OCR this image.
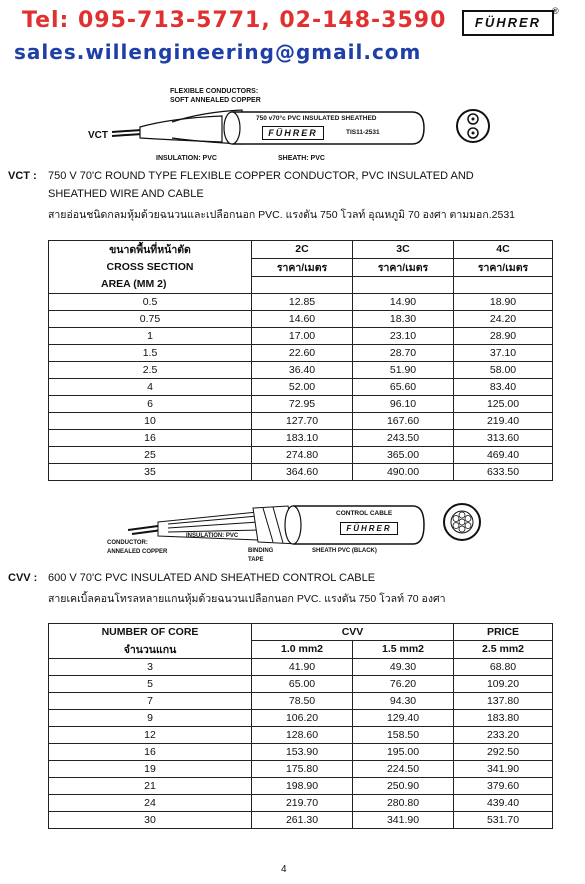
Tel: 095-713-5771, 02-148-3590
sales.willengineering@gmail.com
FÜHRER
®
FLEXIBLE CONDUCTORS:
SOFT ANNEALED COPPER
VCT
750 v70°c PVC INSULATED SHEATHED
FÜHRER	TIS11-2531
INSULATION: PVC	SHEATH: PVC
VCT : 750 V 70'C ROUND TYPE FLEXIBLE COPPER CONDUCTOR, PVC INSULATED AND
SHEATHED WIRE AND CABLE
สายอ่อนชนิดกลมหุ้มด้วยฉนวนและเปลือกนอก PVC. แรงดัน 750 โวลท์ อุณหภูมิ 70 องศา ตามมอก.2531
ขนาดพื้นที่หน้าตัด	2C	3C	4C
CROSS SECTION	ราคา/เมตร	ราคา/เมตร	ราคา/เมตร
AREA (MM 2)			
0.5	12.85	14.90	18.90
0.75	14.60	18.30	24.20
1	17.00	23.10	28.90
1.5	22.60	28.70	37.10
2.5	36.40	51.90	58.00
4	52.00	65.60	83.40
6	72.95	96.10	125.00
10	127.70	167.60	219.40
16	183.10	243.50	313.60
25	274.80	365.00	469.40
35	364.60	490.00	633.50
CONTROL CABLE
FÜHRER
INSULATION: PVC
CONDUCTOR:
ANNEALED COPPER	BINDING
TAPE
SHEATH PVC (BLACK)
CVV : 600 V 70'C PVC INSULATED AND SHEATHED CONTROL CABLE
สายเคเบิ้ลคอนโทรลหลายแกนหุ้มด้วยฉนวนเปลือกนอก PVC. แรงดัน 750 โวลท์ 70 องศา
NUMBER OF CORE	CVV		PRICE
จำนวนแกน	1.0 mm2	1.5 mm2	2.5 mm2
3	41.90	49.30	68.80
5	65.00	76.20	109.20
7	78.50	94.30	137.80
9	106.20	129.40	183.80
12	128.60	158.50	233.20
16	153.90	195.00	292.50
19	175.80	224.50	341.90
21	198.90	250.90	379.60
24	219.70	280.80	439.40
30	261.30	341.90	531.70
4
